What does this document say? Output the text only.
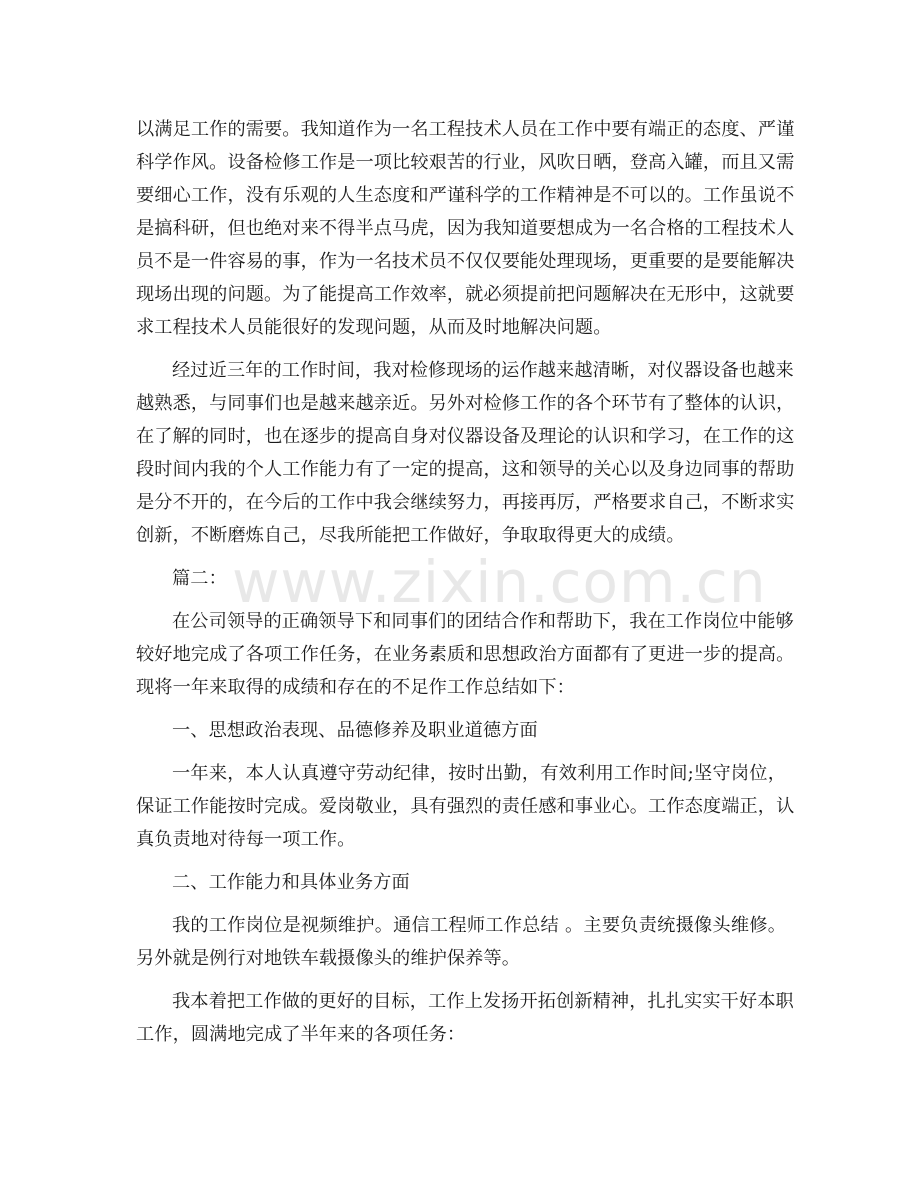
以满足工作的需要。我知道作为一名工程技术人员在工作中要有端正的态度、严谨
科学作风。设备检修工作是一项比较艰苦的行业，风吹日晒，登高入罐，而且又需
要细心工作，没有乐观的人生态度和严谨科学的工作精神是不可以的。工作虽说不
是搞科研，但也绝对来不得半点马虎，因为我知道要想成为一名合格的工程技术人
员不是一件容易的事，作为一名技术员不仅仅要能处理现场，更重要的是要能解决
现场出现的问题。为了能提高工作效率，就必须提前把问题解决在无形中，这就要
求工程技术人员能很好的发现问题，从而及时地解决问题。
经过近三年的工作时间，我对检修现场的运作越来越清晰，对仪器设备也越来
越熟悉，与同事们也是越来越亲近。另外对检修工作的各个环节有了整体的认识，
在了解的同时，也在逐步的提高自身对仪器设备及理论的认识和学习，在工作的这
段时间内我的个人工作能力有了一定的提高，这和领导的关心以及身边同事的帮助
是分不开的，在今后的工作中我会继续努力，再接再厉，严格要求自己，不断求实
创新，不断磨炼自己，尽我所能把工作做好，争取取得更大的成绩。
篇二：
在公司领导的正确领导下和同事们的团结合作和帮助下，我在工作岗位中能够
较好地完成了各项工作任务，在业务素质和思想政治方面都有了更进一步的提高。
现将一年来取得的成绩和存在的不足作工作总结如下：
一、思想政治表现、品德修养及职业道德方面
一年来，本人认真遵守劳动纪律，按时出勤，有效利用工作时间;坚守岗位，
保证工作能按时完成。爱岗敬业，具有强烈的责任感和事业心。工作态度端正，认
真负责地对待每一项工作。
二、工作能力和具体业务方面
我的工作岗位是视频维护。通信工程师工作总结 。主要负责统摄像头维修。
另外就是例行对地铁车载摄像头的维护保养等。
我本着把工作做的更好的目标，工作上发扬开拓创新精神，扎扎实实干好本职
工作，圆满地完成了半年来的各项任务：
www.zixin.com.cn
